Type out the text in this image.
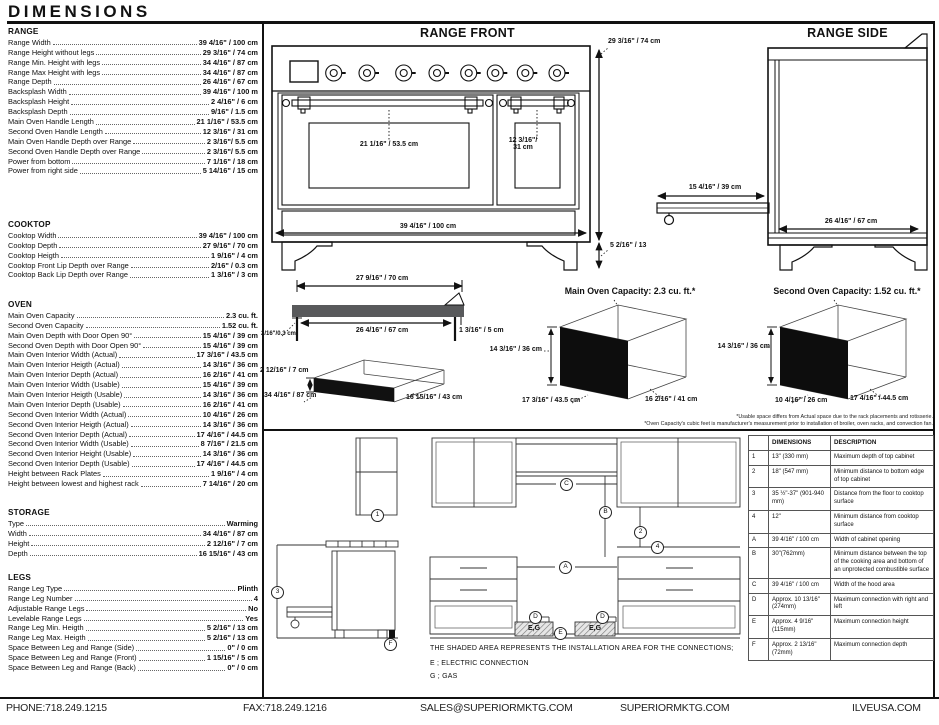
DIMENSIONS
RANGE
Range Width	39 4/16" / 100 cm
Range Height without legs	29 3/16" / 74 cm
Range Min. Height with legs	34 4/16" / 87 cm
Range Max Height with legs	34 4/16" / 87 cm
Range Depth	26 4/16" / 67 cm
Backsplash Width	39 4/16" / 100 m
Backsplash Height	2 4/16" / 6 cm
Backsplash Depth	9/16" / 1.5 cm
Main Oven Handle Length	21 1/16" / 53.5 cm
Second Oven Handle Length	12 3/16" / 31 cm
Main Oven Handle Depth over Range	2 3/16"/ 5.5 cm
Second Oven Handle Depth over Range	2 3/16"/ 5.5 cm
Power from bottom	7 1/16" / 18 cm
Power from right side	5 14/16" / 15 cm
COOKTOP
Cooktop Width	39 4/16" / 100 cm
Cooktop Depth	27 9/16" / 70 cm
Cooktop Heigth	1 9/16" / 4 cm
Cooktop Front Lip Depth over Range	2/16" / 0.3 cm
Cooktop Back Lip Depth over Range	1 3/16" / 3 cm
OVEN
Main Oven Capacity	2.3 cu. ft.
Second Oven Capacity	1.52 cu. ft.
Main Oven Depth with Door Open 90°	15 4/16" / 39 cm
Second Oven Depth with Door Open 90°	15 4/16" / 39 cm
Main Oven Interior Width (Actual)	17 3/16" / 43.5 cm
Main Oven Interior Heigth (Actual)	14 3/16" / 36 cm
Main Oven Interior Depth (Actual)	16 2/16" / 41 cm
Main Oven Interior Width (Usable)	15 4/16" / 39 cm
Main Oven Interior Heigth (Usable)	14 3/16" / 36 cm
Main Oven Interior Depth (Usable)	16 2/16" / 41 cm
Second Oven Interior Width (Actual)	10 4/16" / 26 cm
Second Oven Interior Heigth (Actual)	14 3/16" / 36 cm
Second Oven Interior Depth (Actual)	17 4/16" / 44.5 cm
Second Oven Interior Width (Usable)	8 7/16" / 21.5 cm
Second Oven Interior Height (Usable)	14 3/16" / 36 cm
Second Oven Interior Depth (Usable)	17 4/16" / 44.5 cm
Height between Rack Plates	1 9/16" / 4 cm
Height between lowest and highest rack	7 14/16" / 20 cm
STORAGE
Type	Warming
Width	34 4/16" / 87 cm
Height	2 12/16" / 7 cm
Depth	16 15/16" / 43 cm
LEGS
Range Leg Type	Plinth
Range Leg Number	4
Adjustable Range Legs	No
Levelable Range Legs	Yes
Range Leg Min. Heigth	5 2/16" / 13 cm
Range Leg Max. Heigth	5 2/16" / 13 cm
Space Between Leg and Range (Side)	0" / 0 cm
Space Between Leg and Range (Front)	1 15/16" / 5 cm
Space Between Leg and Range (Back)	0" / 0 cm
RANGE FRONT
21 1/16" / 53.5 cm
12 3/16"/
31 cm
39 4/16" / 100 cm
29 3/16" / 74 cm
5 2/16" / 13
RANGE SIDE
15 4/16" / 39 cm
26 4/16" / 67 cm
27 9/16" / 70 cm
26 4/16" / 67 cm
2/16"/0.3 cm	1 3/16" / 5 cm
2 12/16" / 7 cm
34 4/16" / 87 cm	16 15/16" / 43 cm
Main Oven Capacity: 2.3 cu. ft.*
14 3/16" / 36 cm
17 3/16" / 43.5 cm	16 2/16" / 41 cm
Second Oven Capacity: 1.52 cu. ft.*
14 3/16" / 36 cm
10 4/16" / 26 cm	17 4/16" / 44.5 cm
*Usable space differs from Actual space due to the rack placements and rotisserie.
*Oven Capacity's cubic feet is manufacturer's measurement prior to installation of broiler, oven racks, and convection fan.
1
2
3
4
A
B
C
D	D
E
F
E,G	E,G
THE SHADED AREA REPRESENTS THE INSTALLATION AREA FOR THE CONNECTIONS;
E ; ELECTRIC CONNECTION
G ; GAS
	DIMENSIONS	DESCRIPTION
1	13" (330 mm)	Maximum depth of top cabinet
2	18" (547 mm)	Minimum distance to bottom edge of top cabinet
3	35 ½"-37" (901-940 mm)	Distance from the floor to cooktop surface
4	12"	Minimum distance from cooktop surface
A	39 4/16" / 100 cm	Width of cabinet opening
B	30"(762mm)	Minimum distance between the top of the cooking area and bottom of an unprotected combustible surface
C	39 4/16" / 100 cm	Width of the hood area
D	Approx. 10 13/16" (274mm)	Maximum connection with right and left
E	Approx. 4 9/16" (115mm)	Maximum connection height
F	Approx. 2 13/16" (72mm)	Maximum connection depth
PHONE:718.249.1215	FAX:718.249.1216	SALES@SUPERIORMKTG.COM	SUPERIORMKTG.COM	ILVEUSA.COM
